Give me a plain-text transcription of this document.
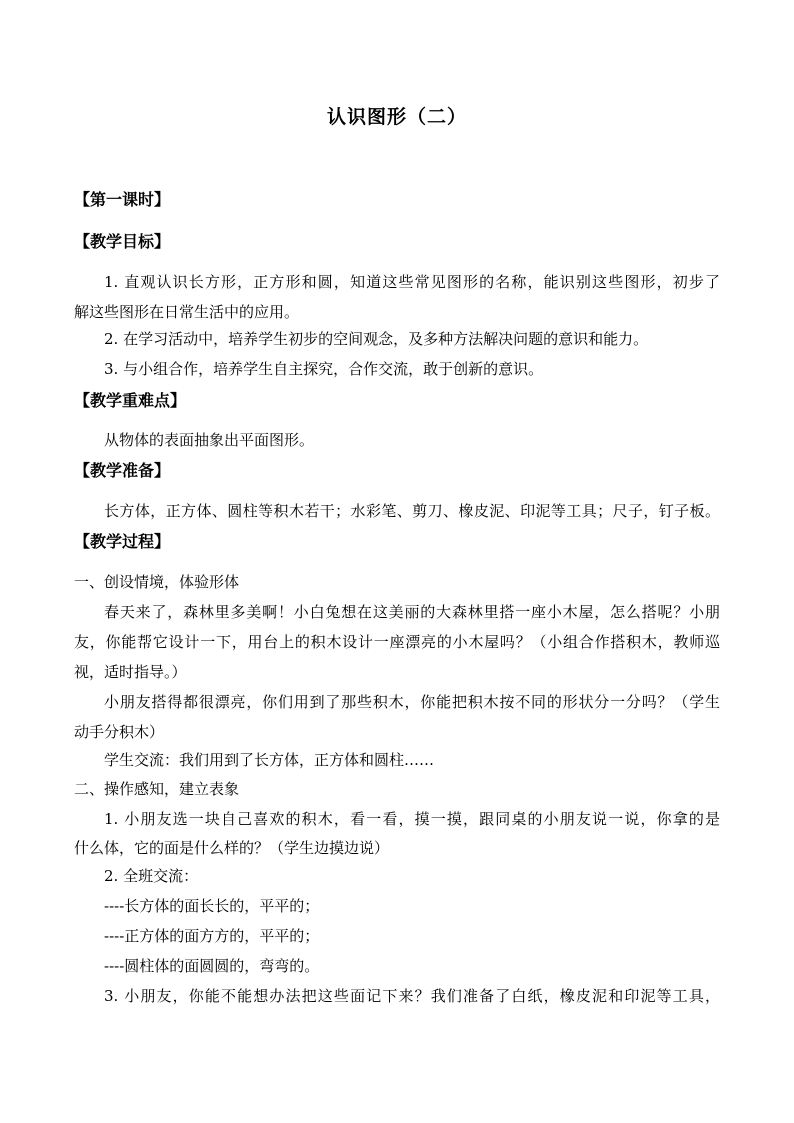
认识图形（二）
【第一课时】
【教学目标】
1. 直观认识长方形，正方形和圆，知道这些常见图形的名称，能识别这些图形，初步了
解这些图形在日常生活中的应用。
2. 在学习活动中，培养学生初步的空间观念，及多种方法解决问题的意识和能力。
3. 与小组合作，培养学生自主探究，合作交流，敢于创新的意识。
【教学重难点】
从物体的表面抽象出平面图形。
【教学准备】
长方体，正方体、圆柱等积木若干；水彩笔、剪刀、橡皮泥、印泥等工具；尺子，钉子板。
【教学过程】
一、创设情境，体验形体
春天来了，森林里多美啊！小白兔想在这美丽的大森林里搭一座小木屋，怎么搭呢？小朋
友，你能帮它设计一下，用台上的积木设计一座漂亮的小木屋吗？（小组合作搭积木，教师巡
视，适时指导。）
小朋友搭得都很漂亮，你们用到了那些积木，你能把积木按不同的形状分一分吗？（学生
动手分积木）
学生交流：我们用到了长方体，正方体和圆柱……
二、操作感知，建立表象
1. 小朋友选一块自己喜欢的积木，看一看，摸一摸，跟同桌的小朋友说一说，你拿的是
什么体，它的面是什么样的？（学生边摸边说）
2. 全班交流：
----长方体的面长长的，平平的；
----正方体的面方方的，平平的；
----圆柱体的面圆圆的，弯弯的。
3. 小朋友，你能不能想办法把这些面记下来？我们准备了白纸，橡皮泥和印泥等工具，
